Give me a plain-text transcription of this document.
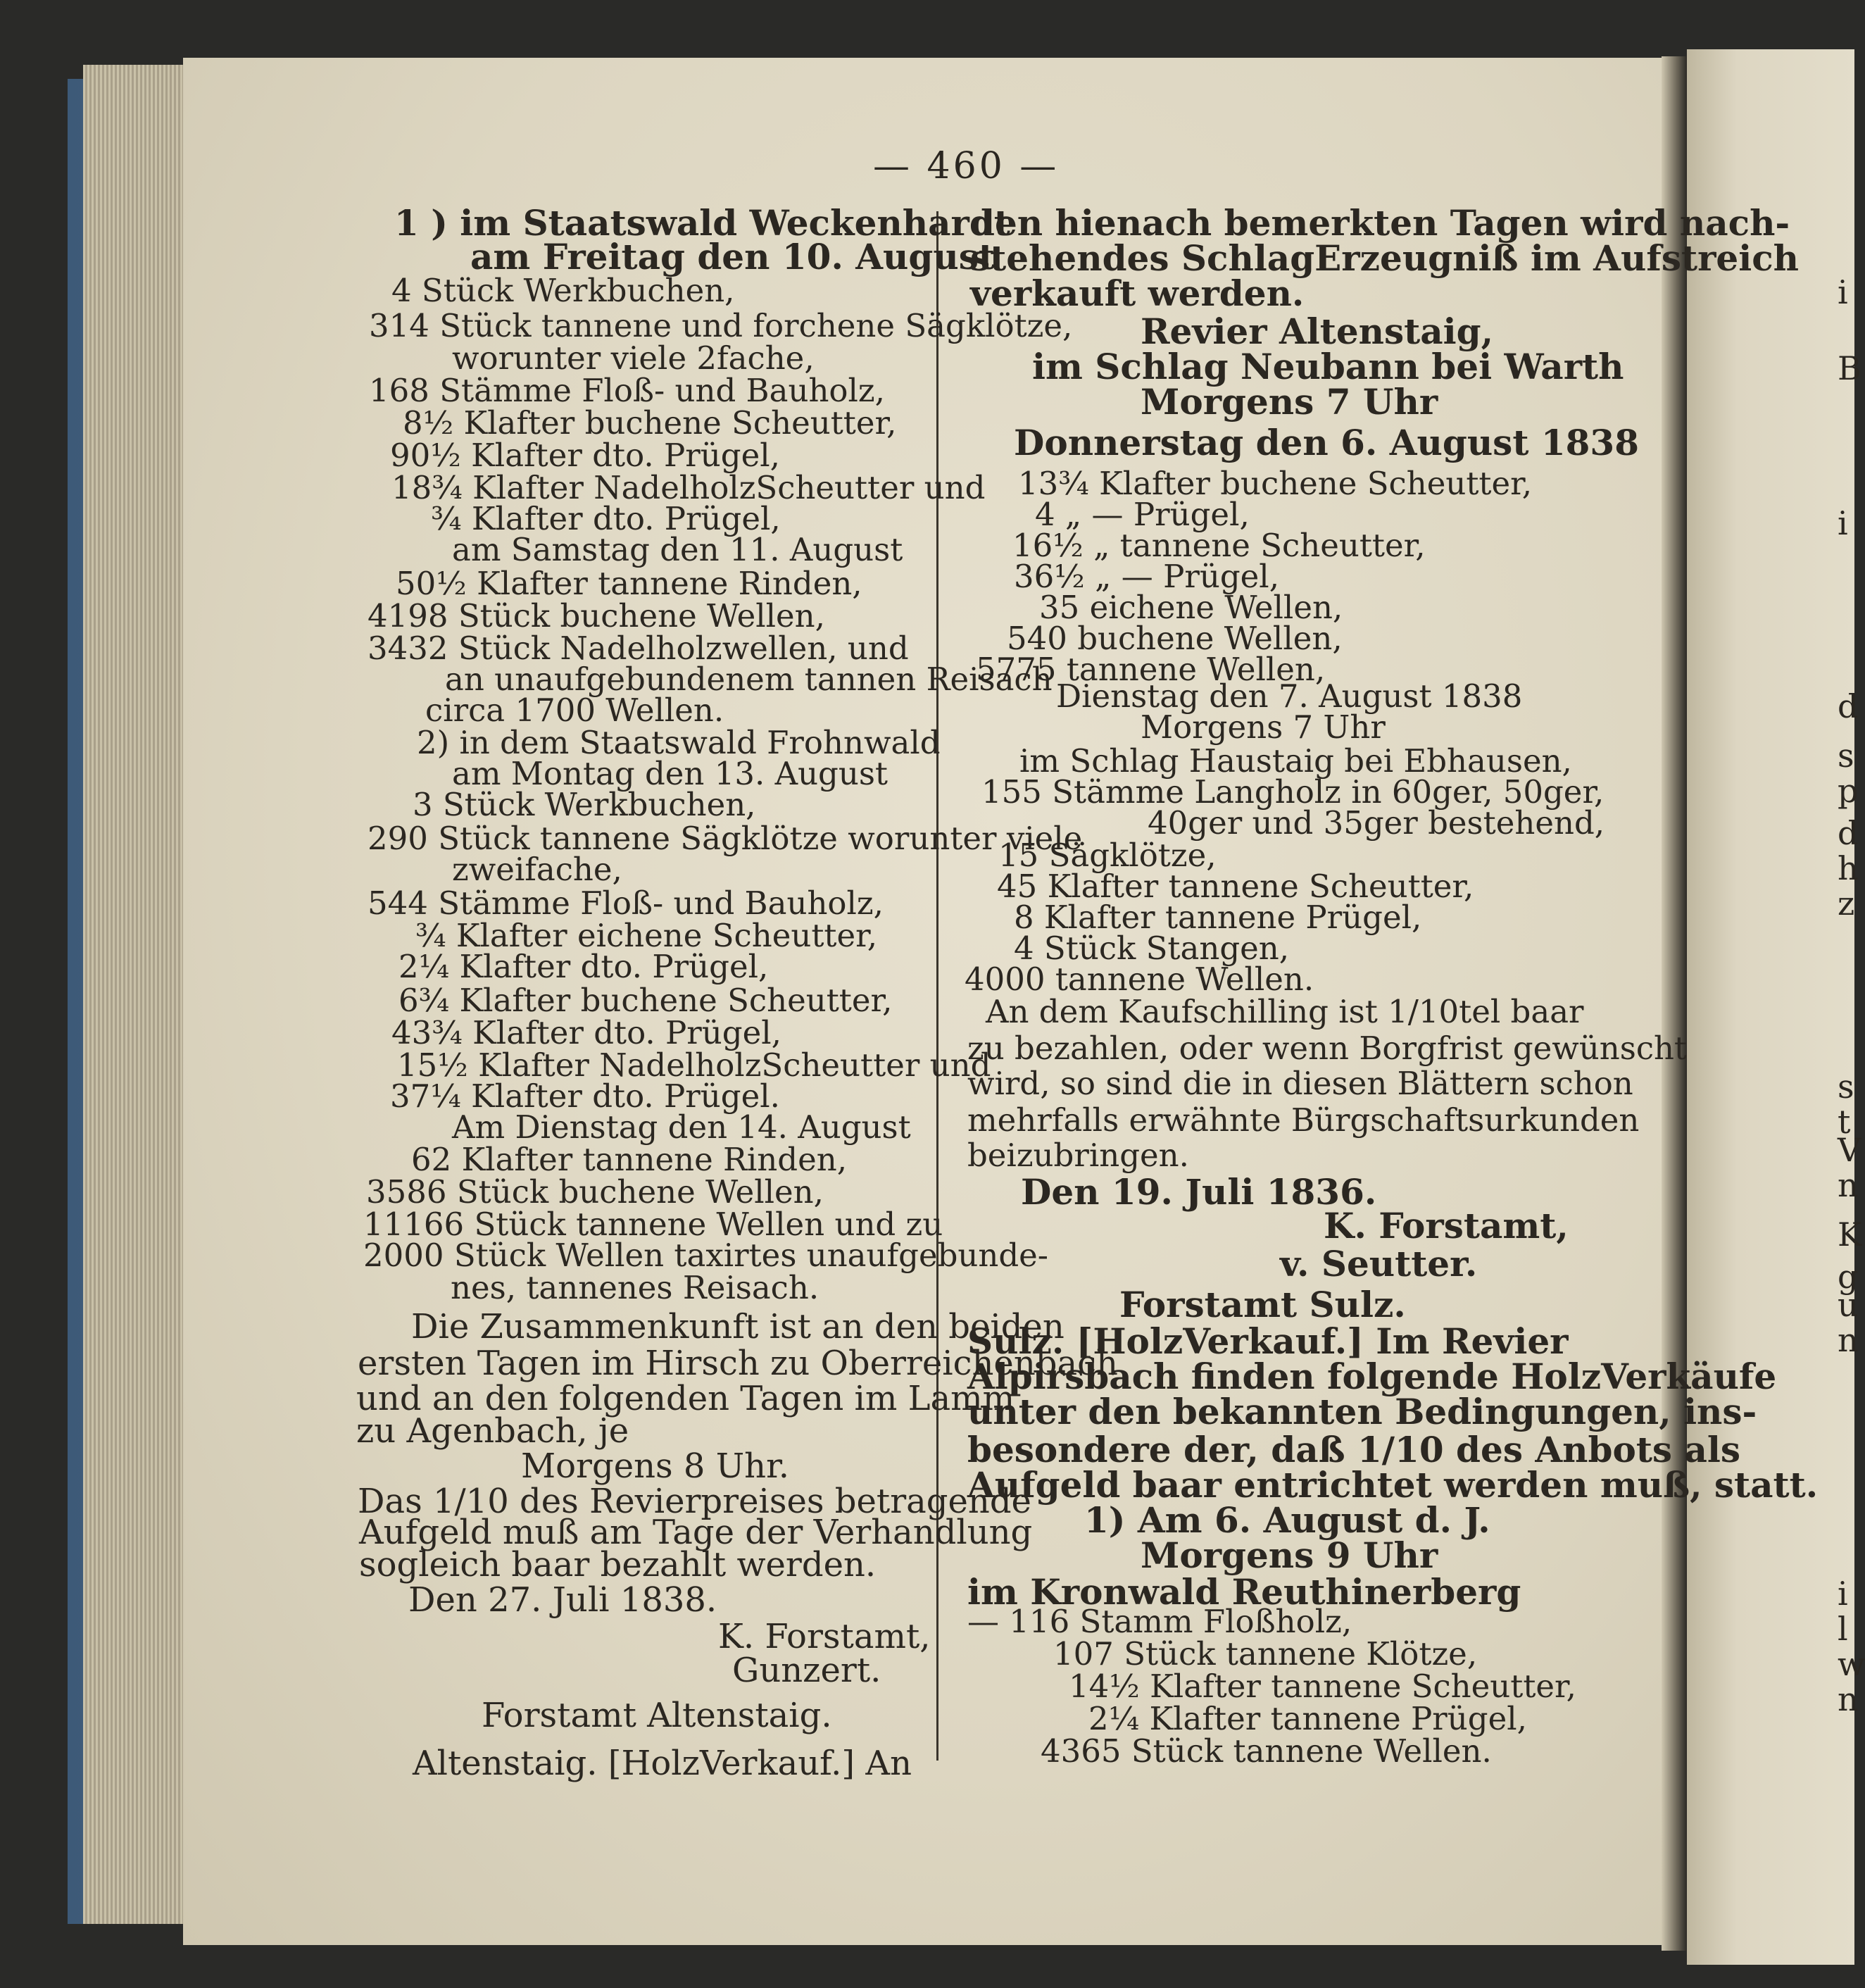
— 460 —
1 ) im Staatswald Weckenhardt
am Freitag den 10. August
4 Stück Werkbuchen,
314 Stück tannene und forchene Sägklötze,
worunter viele 2fache,
168 Stämme Floß- und Bauholz,
8½ Klafter buchene Scheutter,
90½ Klafter dto. Prügel,
18¾ Klafter NadelholzScheutter und
¾ Klafter dto. Prügel,
am Samstag den 11. August
50½ Klafter tannene Rinden,
4198 Stück buchene Wellen,
3432 Stück Nadelholzwellen, und
an unaufgebundenem tannen Reisach
circa 1700 Wellen.
2) in dem Staatswald Frohnwald
am Montag den 13. August
3 Stück Werkbuchen,
290 Stück tannene Sägklötze worunter viele
zweifache,
544 Stämme Floß- und Bauholz,
¾ Klafter eichene Scheutter,
2¼ Klafter dto. Prügel,
6¾ Klafter buchene Scheutter,
43¾ Klafter dto. Prügel,
15½ Klafter NadelholzScheutter und
37¼ Klafter dto. Prügel.
Am Dienstag den 14. August
62 Klafter tannene Rinden,
3586 Stück buchene Wellen,
11166 Stück tannene Wellen und zu
2000 Stück Wellen taxirtes unaufgebunde-
nes, tannenes Reisach.
Die Zusammenkunft ist an den beiden
ersten Tagen im Hirsch zu Oberreichenbach
und an den folgenden Tagen im Lamm
zu Agenbach, je
Morgens 8 Uhr.
Das 1/10 des Revierpreises betragende
Aufgeld muß am Tage der Verhandlung
sogleich baar bezahlt werden.
Den 27. Juli 1838.
K. Forstamt,
Gunzert.
Forstamt Altenstaig.
Altenstaig. [HolzVerkauf.] An
den hienach bemerkten Tagen wird nach-
stehendes SchlagErzeugniß im Aufstreich
verkauft werden.
Revier Altenstaig,
im Schlag Neubann bei Warth
Morgens 7 Uhr
Donnerstag den 6. August 1838
13¾ Klafter buchene Scheutter,
4 „ — Prügel,
16½ „ tannene Scheutter,
36½ „ — Prügel,
35 eichene Wellen,
540 buchene Wellen,
5775 tannene Wellen,
Dienstag den 7. August 1838
Morgens 7 Uhr
im Schlag Haustaig bei Ebhausen,
155 Stämme Langholz in 60ger, 50ger,
40ger und 35ger bestehend,
15 Sägklötze,
45 Klafter tannene Scheutter,
8 Klafter tannene Prügel,
4 Stück Stangen,
4000 tannene Wellen.
An dem Kaufschilling ist 1/10tel baar
zu bezahlen, oder wenn Borgfrist gewünscht
wird, so sind die in diesen Blättern schon
mehrfalls erwähnte Bürgschaftsurkunden
beizubringen.
Den 19. Juli 1836.
K. Forstamt,
v. Seutter.
Forstamt Sulz.
Sulz. [HolzVerkauf.] Im Revier
Alpirsbach finden folgende HolzVerkäufe
unter den bekannten Bedingungen, ins-
besondere der, daß 1/10 des Anbots als
Aufgeld baar entrichtet werden muß, statt.
1) Am 6. August d. J.
Morgens 9 Uhr
im Kronwald Reuthinerberg
— 116 Stamm Floßholz,
107 Stück tannene Klötze,
14½ Klafter tannene Scheutter,
2¼ Klafter tannene Prügel,
4365 Stück tannene Wellen.
i
B
i
d
s
p
d
h
z
s
t
V
n
K
g
u
n
i
l
w
n
